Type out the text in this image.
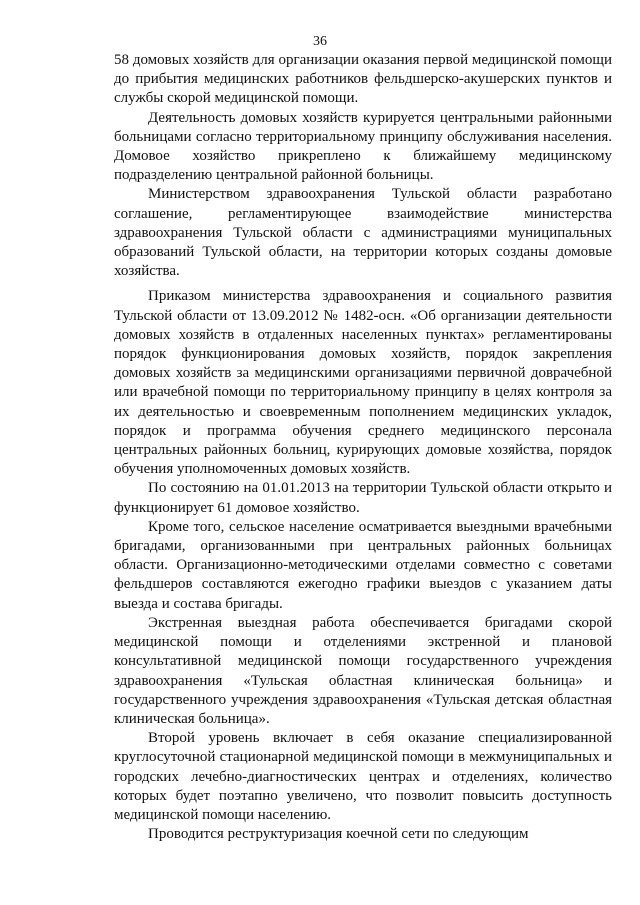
36

58 домовых хозяйств для организации оказания первой медицинской помощи до прибытия медицинских работников фельдшерско-акушерских пунктов и службы скорой медицинской помощи.

Деятельность домовых хозяйств курируется центральными районными больницами согласно территориальному принципу обслуживания населения. Домовое хозяйство прикреплено к ближайшему медицинскому подразделению центральной районной больницы.

Министерством здравоохранения Тульской области разработано соглашение, регламентирующее взаимодействие министерства здравоохранения Тульской области с администрациями муниципальных образований Тульской области, на территории которых созданы домовые хозяйства.

Приказом министерства здравоохранения и социального развития Тульской области от 13.09.2012 № 1482-осн. «Об организации деятельности домовых хозяйств в отдаленных населенных пунктах» регламентированы порядок функционирования домовых хозяйств, порядок закрепления домовых хозяйств за медицинскими организациями первичной доврачебной или врачебной помощи по территориальному принципу в целях контроля за их деятельностью и своевременным пополнением медицинских укладок, порядок и программа обучения среднего медицинского персонала центральных районных больниц, курирующих домовые хозяйства, порядок обучения уполномоченных домовых хозяйств.

По состоянию на 01.01.2013 на территории Тульской области открыто и функционирует 61 домовое хозяйство.

Кроме того, сельское население осматривается выездными врачебными бригадами, организованными при центральных районных больницах области. Организационно-методическими отделами совместно с советами фельдшеров составляются ежегодно графики выездов с указанием даты выезда и состава бригады.

Экстренная выездная работа обеспечивается бригадами скорой медицинской помощи и отделениями экстренной и плановой консультативной медицинской помощи государственного учреждения здравоохранения «Тульская областная клиническая больница» и государственного учреждения здравоохранения «Тульская детская областная клиническая больница».

Второй уровень включает в себя оказание специализированной круглосуточной стационарной медицинской помощи в межмуниципальных и городских лечебно-диагностических центрах и отделениях, количество которых будет поэтапно увеличено, что позволит повысить доступность медицинской помощи населению.

Проводится реструктуризация коечной сети по следующим
